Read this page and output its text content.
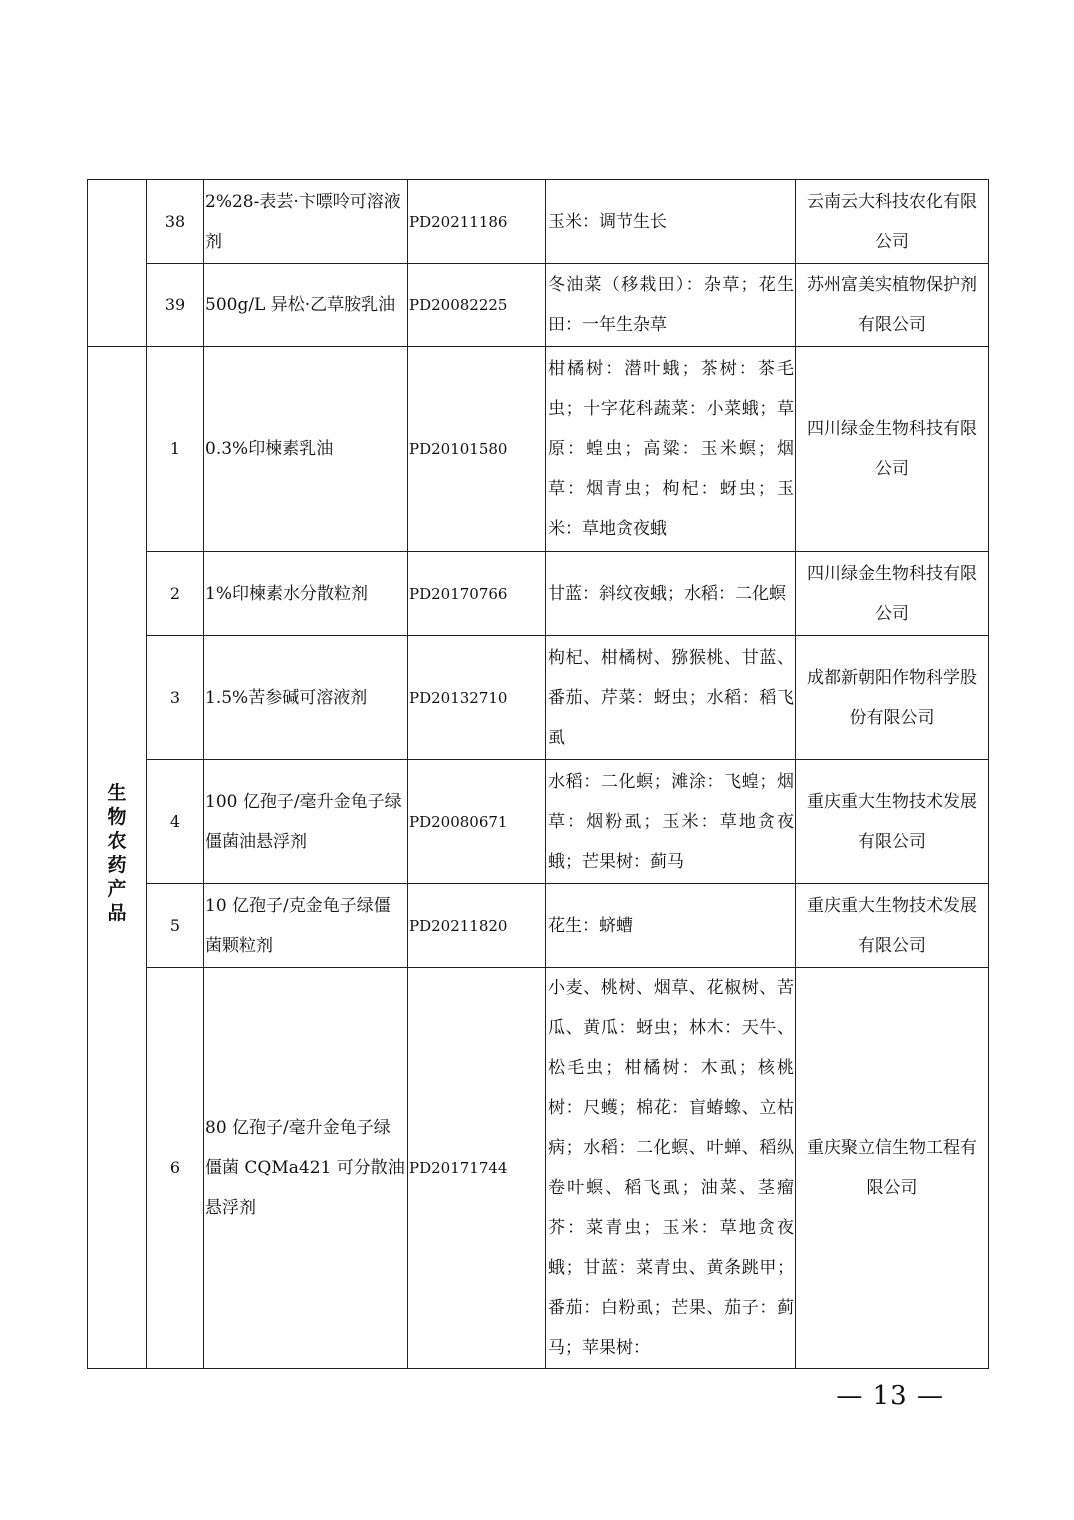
	38	2%28-表芸·卞嘌呤可溶液剂	PD20211186	玉米：调节生长	云南云大科技农化有限公司
	39	500g/L 异松·乙草胺乳油	PD20082225	冬油菜（移栽田）：杂草；花生田：一年生杂草	苏州富美实植物保护剂有限公司
生物农药产品	1	0.3%印楝素乳油	PD20101580	柑橘树：潜叶蛾；茶树：茶毛虫；十字花科蔬菜：小菜蛾；草原：蝗虫；高粱：玉米螟；烟草：烟青虫；枸杞：蚜虫；玉米：草地贪夜蛾	四川绿金生物科技有限公司
	2	1%印楝素水分散粒剂	PD20170766	甘蓝：斜纹夜蛾；水稻：二化螟	四川绿金生物科技有限公司
	3	1.5%苦参碱可溶液剂	PD20132710	枸杞、柑橘树、猕猴桃、甘蓝、番茄、芹菜：蚜虫；水稻：稻飞虱	成都新朝阳作物科学股份有限公司
	4	100 亿孢子/毫升金龟子绿僵菌油悬浮剂	PD20080671	水稻：二化螟；滩涂：飞蝗；烟草：烟粉虱；玉米：草地贪夜蛾；芒果树：蓟马	重庆重大生物技术发展有限公司
	5	10 亿孢子/克金龟子绿僵菌颗粒剂	PD20211820	花生：蛴螬	重庆重大生物技术发展有限公司
	6	80 亿孢子/毫升金龟子绿僵菌 CQMa421 可分散油悬浮剂	PD20171744	小麦、桃树、烟草、花椒树、苦瓜、黄瓜：蚜虫；林木：天牛、松毛虫；柑橘树：木虱；核桃树：尺蠖；棉花：盲蝽蟓、立枯病；水稻：二化螟、叶蝉、稻纵卷叶螟、稻飞虱；油菜、茎瘤芥：菜青虫；玉米：草地贪夜蛾；甘蓝：菜青虫、黄条跳甲；番茄：白粉虱；芒果、茄子：蓟马；苹果树：	重庆聚立信生物工程有限公司
— 13 —
